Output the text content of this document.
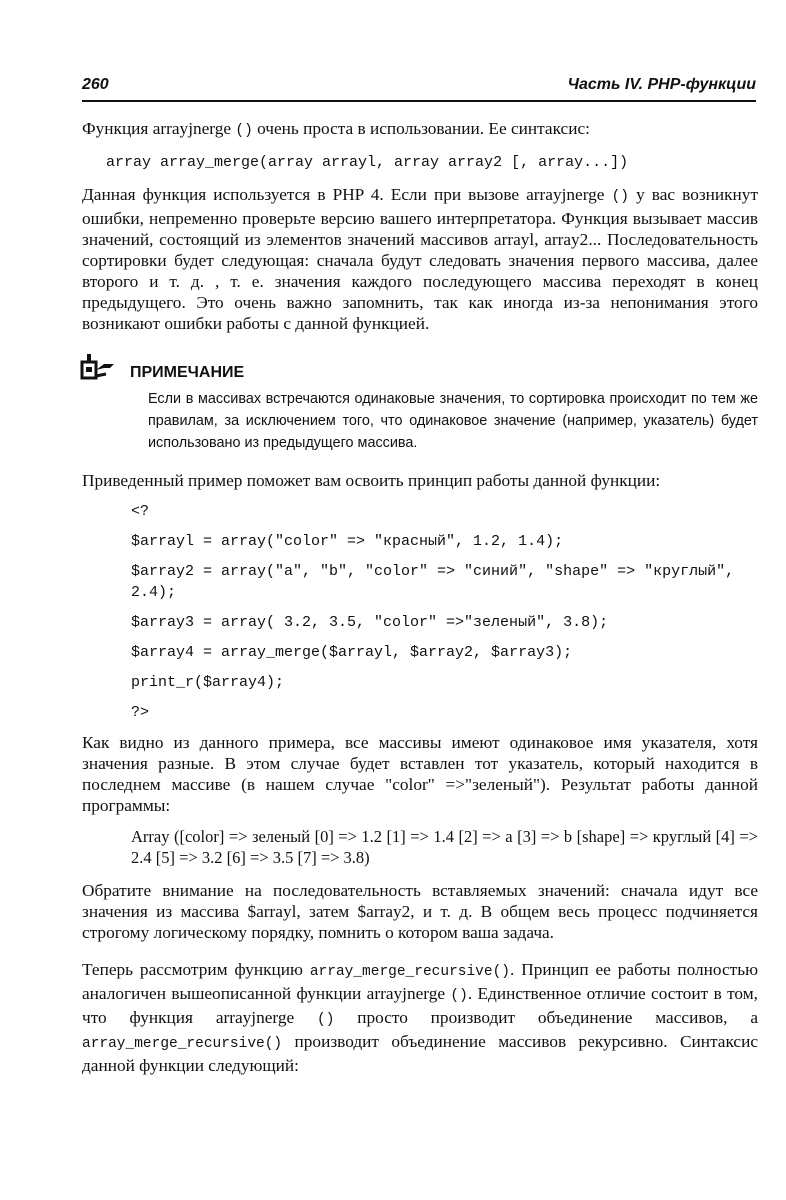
260	Часть IV. PHP-функции

Функция arrayjnerge () очень проста в использовании. Ее синтаксис:

array array_merge(array arrayl, array array2 [, array...])

Данная функция используется в PHP 4. Если при вызове arrayjnerge () у вас возникнут ошибки, непременно проверьте версию вашего интерпретатора. Функция вызывает массив значений, состоящий из элементов значений массивов arrayl, array2... Последовательность сортировки будет следующая: сначала будут следовать значения первого массива, далее второго и т. д. , т. е. значения каждого последующего массива переходят в конец предыдущего. Это очень важно запомнить, так как иногда из-за непонимания этого возникают ошибки работы с данной функцией.

ПРИМЕЧАНИЕ
Если в массивах встречаются одинаковые значения, то сортировка происходит по тем же правилам, за исключением того, что одинаковое значение (например, указатель) будет использовано из предыдущего массива.

Приведенный пример поможет вам освоить принцип работы данной функции:

<?
$arrayl = array("color" => "красный", 1.2, 1.4);
$array2 = array("a", "b", "color" => "синий", "shape" => "круглый", 2.4);
$array3 = array( 3.2, 3.5, "color" =>"зеленый", 3.8);
$array4 = array_merge($arrayl, $array2, $array3);
print_r($array4);
?>

Как видно из данного примера, все массивы имеют одинаковое имя указателя, хотя значения разные. В этом случае будет вставлен тот указатель, который находится в последнем массиве (в нашем случае "color" =>"зеленый"). Результат работы данной программы:

Array ([color] => зеленый [0] => 1.2 [1] => 1.4 [2] => a [3] => b [shape] => круглый [4] => 2.4 [5] => 3.2 [6] => 3.5 [7] => 3.8)

Обратите внимание на последовательность вставляемых значений: сначала идут все значения из массива $arrayl, затем $array2, и т. д. В общем весь процесс подчиняется строгому логическому порядку, помнить о котором ваша задача.

Теперь рассмотрим функцию array_merge_recursive(). Принцип ее работы полностью аналогичен вышеописанной функции arrayjnerge (). Единственное отличие состоит в том, что функция arrayjnerge () просто производит объединение массивов, а array_merge_recursive() производит объединение массивов рекурсивно. Синтаксис данной функции следующий:
